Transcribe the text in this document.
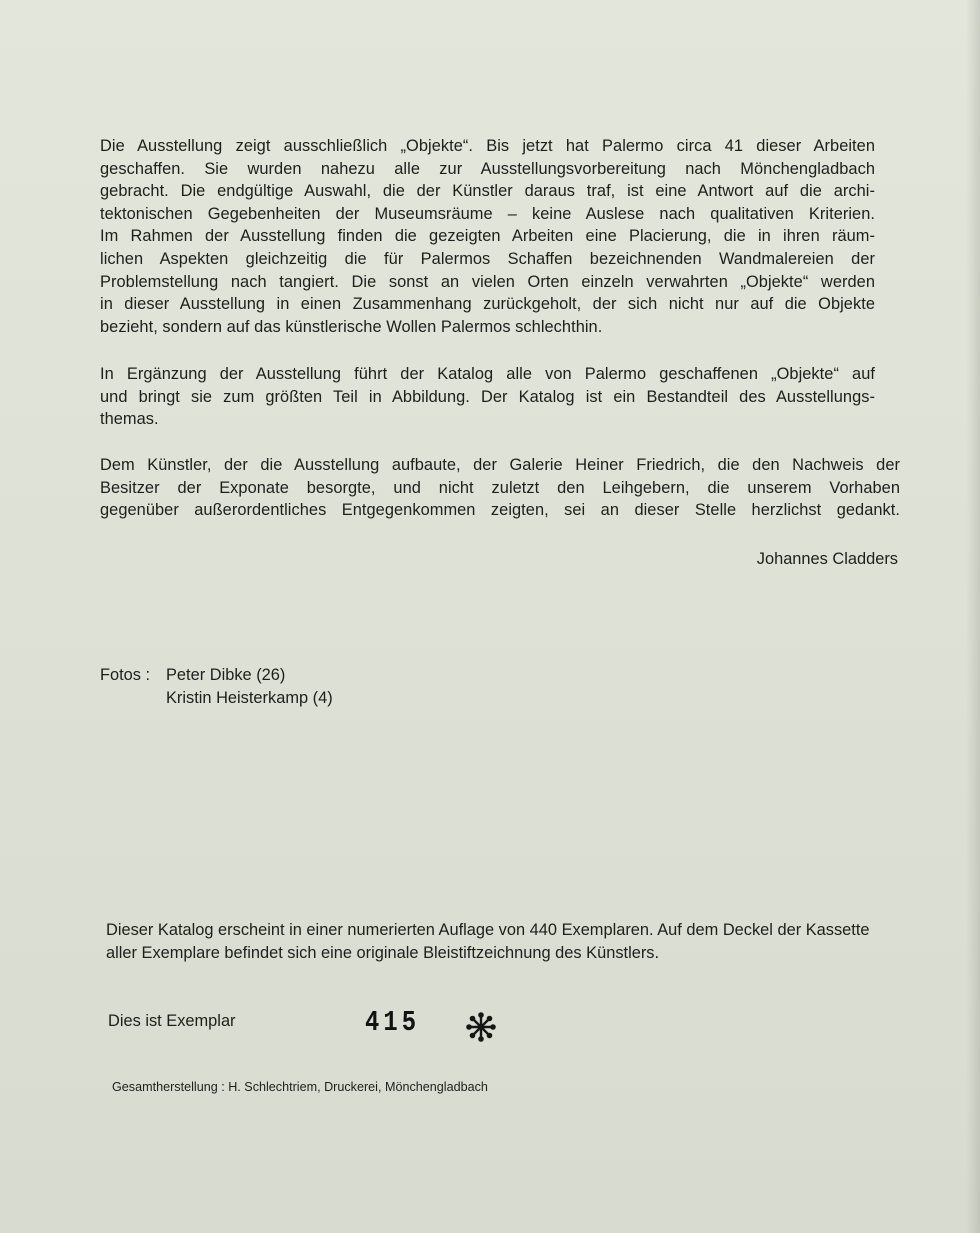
Die Ausstellung zeigt ausschließlich „Objekte“. Bis jetzt hat Palermo circa 41 dieser Arbeiten
geschaffen. Sie wurden nahezu alle zur Ausstellungsvorbereitung nach Mönchengladbach
gebracht. Die endgültige Auswahl, die der Künstler daraus traf, ist eine Antwort auf die archi-
tektonischen Gegebenheiten der Museumsräume – keine Auslese nach qualitativen Kriterien.
Im Rahmen der Ausstellung finden die gezeigten Arbeiten eine Placierung, die in ihren räum-
lichen Aspekten gleichzeitig die für Palermos Schaffen bezeichnenden Wandmalereien der
Problemstellung nach tangiert. Die sonst an vielen Orten einzeln verwahrten „Objekte“ werden
in dieser Ausstellung in einen Zusammenhang zurückgeholt, der sich nicht nur auf die Objekte
bezieht, sondern auf das künstlerische Wollen Palermos schlechthin.
In Ergänzung der Ausstellung führt der Katalog alle von Palermo geschaffenen „Objekte“ auf
und bringt sie zum größten Teil in Abbildung. Der Katalog ist ein Bestandteil des Ausstellungs-
themas.
Dem Künstler, der die Ausstellung aufbaute, der Galerie Heiner Friedrich, die den Nachweis der
Besitzer der Exponate besorgte, und nicht zuletzt den Leihgebern, die unserem Vorhaben
gegenüber außerordentliches Entgegenkommen zeigten, sei an dieser Stelle herzlichst gedankt.
Johannes Cladders
Fotos : Peter Dibke (26)
Kristin Heisterkamp (4)
Dieser Katalog erscheint in einer numerierten Auflage von 440 Exemplaren. Auf dem Deckel der Kassette aller Exemplare befindet sich eine originale Bleistiftzeichnung des Künstlers.
Dies ist Exemplar	415
Gesamtherstellung : H. Schlechtriem, Druckerei, Mönchengladbach
